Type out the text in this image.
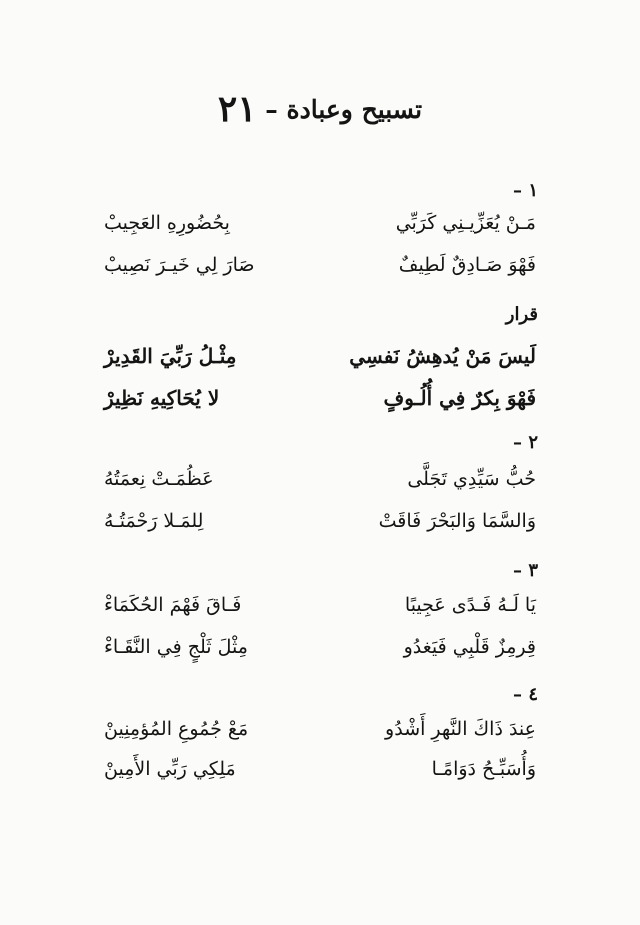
تسبيح وعبادة – ٢١
١ –
مَـنْ يُعَزِّيـنِي كَرَبِّي
بِحُضُورِهِ العَجِيبْ
فَهْوَ صَـادِقٌ لَطِيفٌ
صَارَ لِي خَيـرَ نَصِيبْ
قرار
لَيسَ مَنْ يُدهِشُ نَفسِي
مِثْـلُ رَبِّيَ القَدِيرْ
فَهْوَ بِكرٌ فِي أُلُـوفٍ
لا يُحَاكِيهِ نَظِيرْ
٢ –
حُبُّ سَيِّدِي تَجَلَّى
عَظُمَـتْ نِعمَتُهُ
وَالسَّمَا وَالبَحْرَ فَاقَتْ
لِلمَـلا رَحْمَتُـهُ
٣ –
يَا لَـهُ فَـدًى عَجِيبًا
فَـاقَ فَهْمَ الحُكَمَاءْ
قِرمِزٌ قَلْبِي فَيَغدُو
مِثْلَ ثَلْجٍ فِي النَّقَـاءْ
٤ –
عِندَ ذَاكَ النَّهرِ أَشْدُو
مَعْ جُمُوعِ المُؤمِنِينْ
وَأُسَبِّـحُ دَوَامًـا
مَلِكِي رَبِّي الأَمِينْ
